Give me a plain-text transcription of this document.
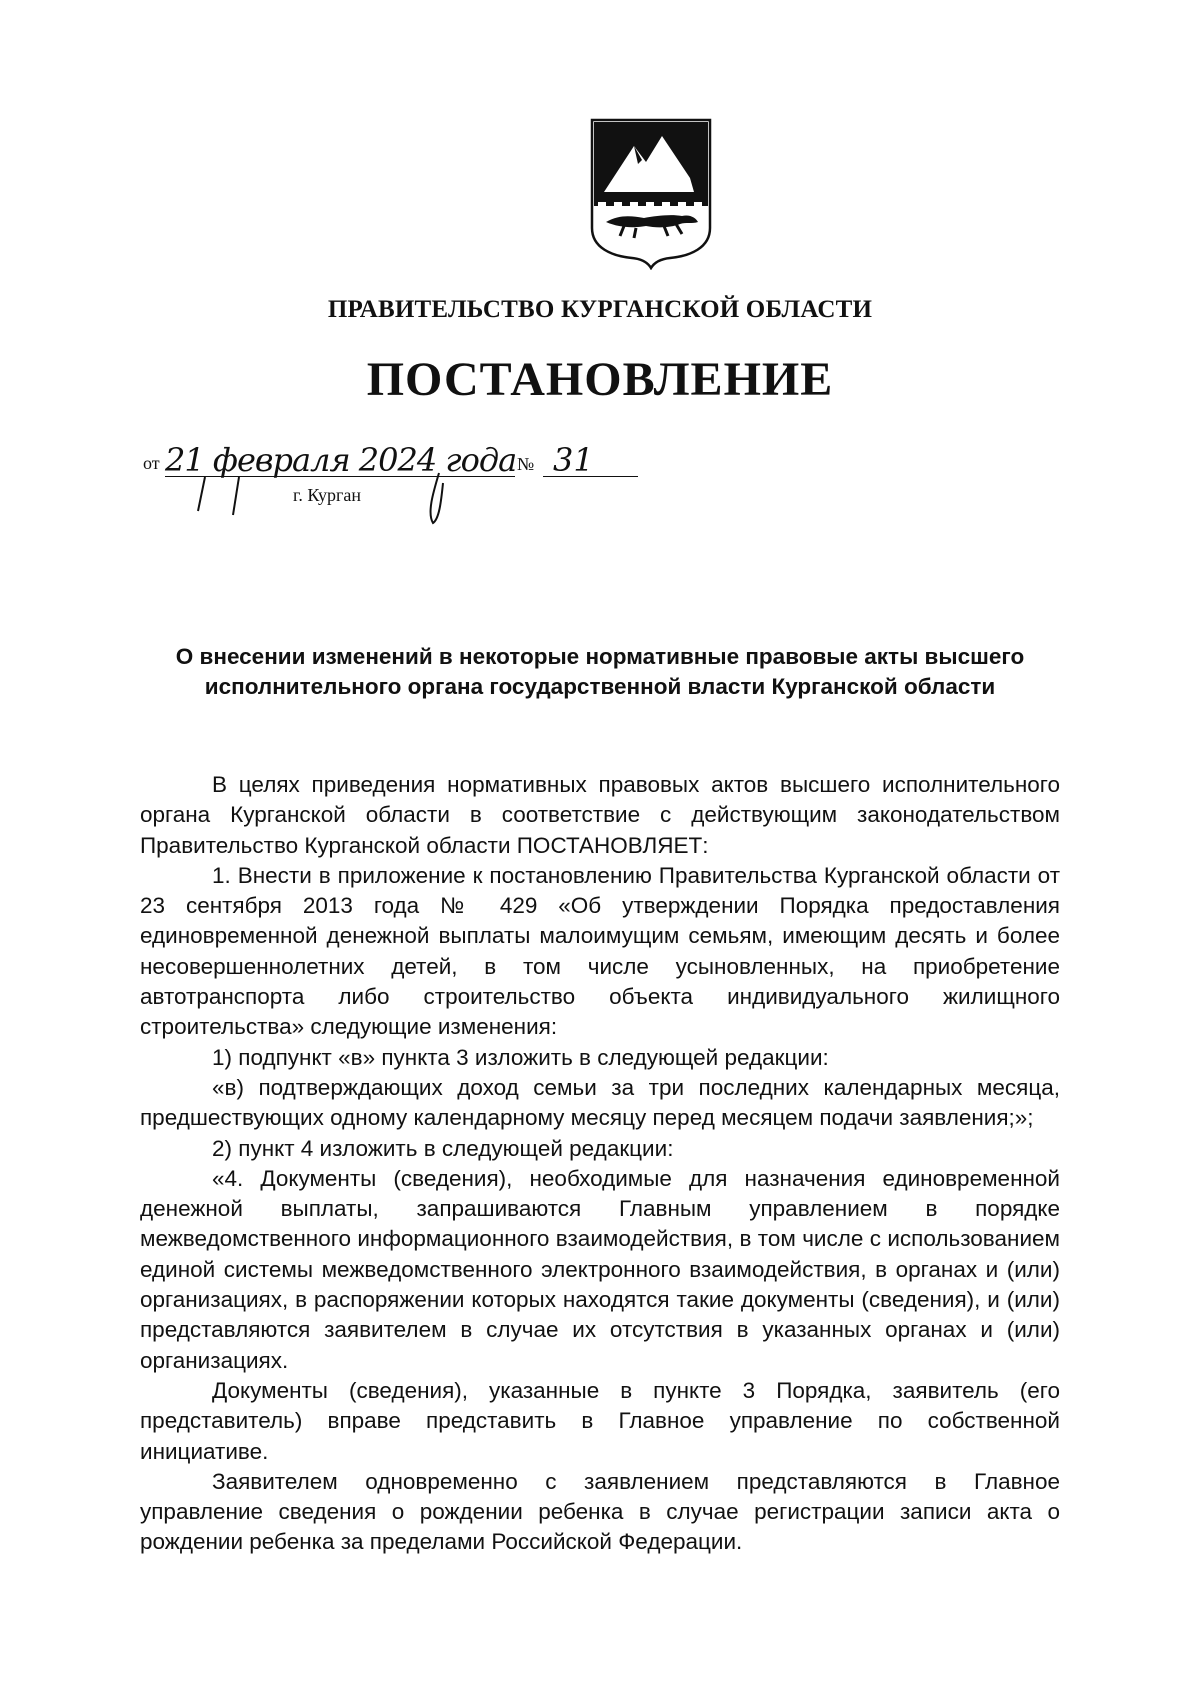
ПРАВИТЕЛЬСТВО КУРГАНСКОЙ ОБЛАСТИ
ПОСТАНОВЛЕНИЕ
от 21 февраля 2024 года № 31
г. Курган
О внесении изменений в некоторые нормативные правовые акты высшего
исполнительного органа государственной власти Курганской области

В целях приведения нормативных правовых актов высшего исполнительного органа Курганской области в соответствие с действующим законодательством Правительство Курганской области ПОСТАНОВЛЯЕТ:

1. Внести в приложение к постановлению Правительства Курганской области от 23 сентября 2013 года № 429 «Об утверждении Порядка предоставления единовременной денежной выплаты малоимущим семьям, имеющим десять и более несовершеннолетних детей, в том числе усыновленных, на приобретение автотранспорта либо строительство объекта индивидуального жилищного строительства» следующие изменения:

1) подпункт «в» пункта 3 изложить в следующей редакции:

«в) подтверждающих доход семьи за три последних календарных месяца, предшествующих одному календарному месяцу перед месяцем подачи заявления;»;

2) пункт 4 изложить в следующей редакции:

«4. Документы (сведения), необходимые для назначения единовременной денежной выплаты, запрашиваются Главным управлением в порядке межведомственного информационного взаимодействия, в том числе с использованием единой системы межведомственного электронного взаимодействия, в органах и (или) организациях, в распоряжении которых находятся такие документы (сведения), и (или) представляются заявителем в случае их отсутствия в указанных органах и (или) организациях.

Документы (сведения), указанные в пункте 3 Порядка, заявитель (его представитель) вправе представить в Главное управление по собственной инициативе.

Заявителем одновременно с заявлением представляются в Главное управление сведения о рождении ребенка в случае регистрации записи акта о рождении ребенка за пределами Российской Федерации.
